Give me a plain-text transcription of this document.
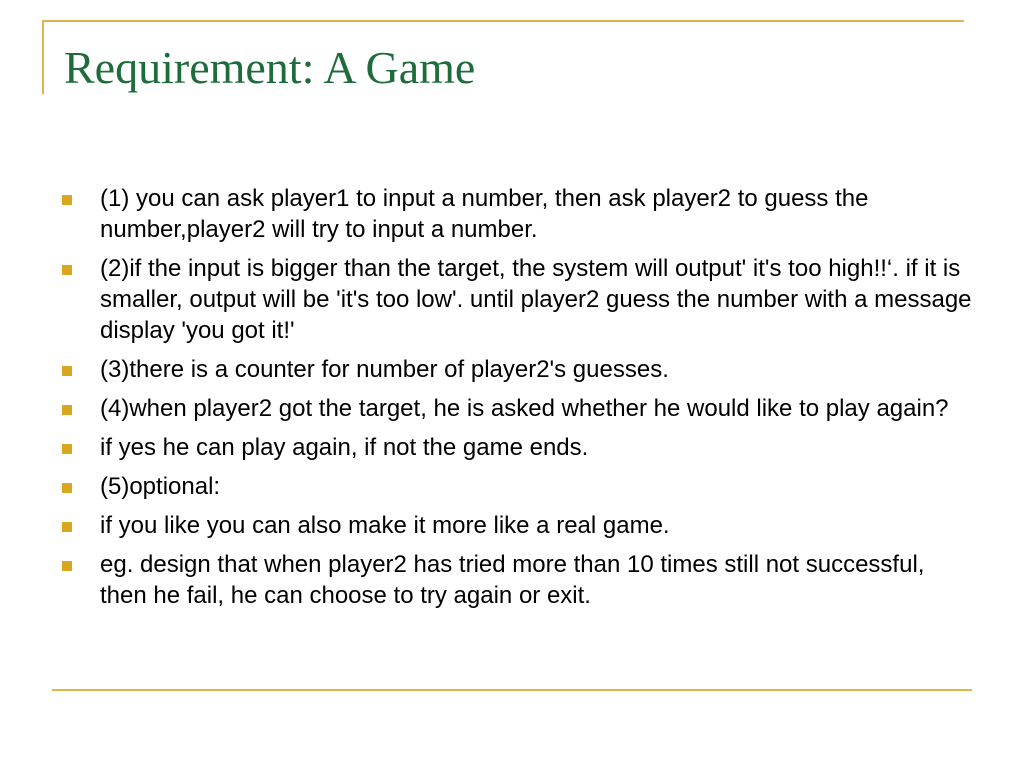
Requirement: A Game
(1) you can ask player1 to input a number, then ask player2 to guess the number,player2 will try to input a number.
(2)if the input is bigger than the target, the system will output' it's too high!!‘. if it is smaller, output will be 'it's too low'. until player2 guess the number with a message display 'you got it!'
(3)there is a counter for number of player2's guesses.
(4)when player2 got the target, he is asked whether he would like to play again?
if yes he can play again, if not the game ends.
(5)optional:
if you like you can also make it more like a real game.
eg. design that when player2 has tried more than 10 times still not successful, then he fail, he can choose to try again or exit.
